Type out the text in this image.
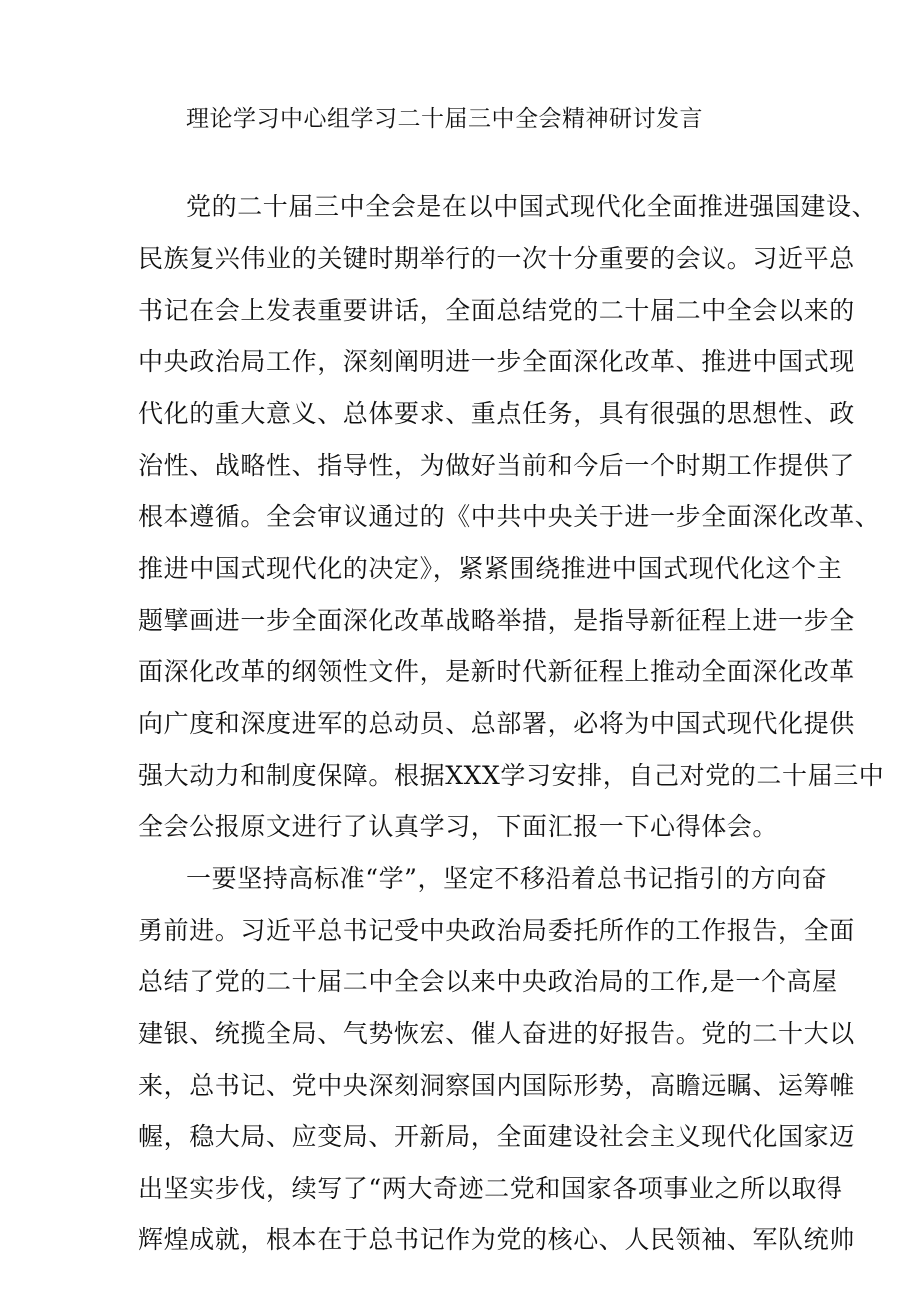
理论学习中心组学习二十届三中全会精神研讨发言
党的二十届三中全会是在以中国式现代化全面推进强国建设、
民族复兴伟业的关键时期举行的一次十分重要的会议。习近平总
书记在会上发表重要讲话，全面总结党的二十届二中全会以来的
中央政治局工作，深刻阐明进一步全面深化改革、推进中国式现
代化的重大意义、总体要求、重点任务，具有很强的思想性、政
治性、战略性、指导性，为做好当前和今后一个时期工作提供了
根本遵循。全会审议通过的《中共中央关于进一步全面深化改革、
推进中国式现代化的决定》，紧紧围绕推进中国式现代化这个主
题擘画进一步全面深化改革战略举措，是指导新征程上进一步全
面深化改革的纲领性文件，是新时代新征程上推动全面深化改革
向广度和深度进军的总动员、总部署，必将为中国式现代化提供
强大动力和制度保障。根据XXX学习安排，自己对党的二十届三中
全会公报原文进行了认真学习，下面汇报一下心得体会。
一要坚持高标准“学”，坚定不移沿着总书记指引的方向奋
勇前进。习近平总书记受中央政治局委托所作的工作报告，全面
总结了党的二十届二中全会以来中央政治局的工作,是一个高屋
建银、统揽全局、气势恢宏、催人奋进的好报告。党的二十大以
来，总书记、党中央深刻洞察国内国际形势，高瞻远瞩、运筹帷
幄，稳大局、应变局、开新局，全面建设社会主义现代化国家迈
出坚实步伐，续写了“两大奇迹二党和国家各项事业之所以取得
辉煌成就，根本在于总书记作为党的核心、人民领袖、军队统帅
